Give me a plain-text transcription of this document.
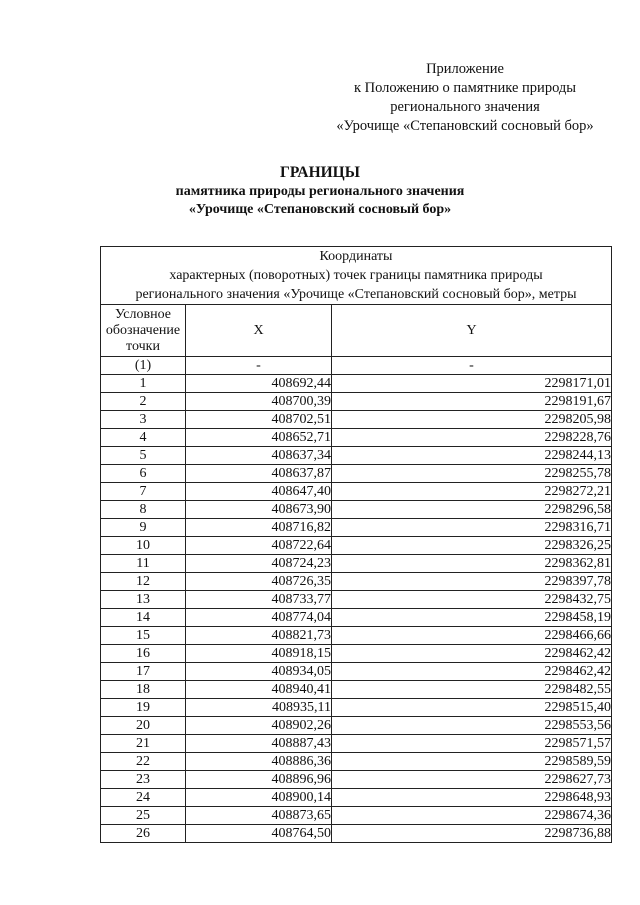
Приложение
к Положению о памятнике природы
регионального значения
«Урочище «Степановский сосновый бор»
ГРАНИЦЫ
памятника природы регионального значения
«Урочище «Степановский сосновый бор»
Координаты
характерных (поворотных) точек границы памятника природы
регионального значения «Урочище «Степановский сосновый бор», метры		

Условное
обозначение
точки	X	Y
(1)	-	-
1	408692,44	2298171,01
2	408700,39	2298191,67
3	408702,51	2298205,98
4	408652,71	2298228,76
5	408637,34	2298244,13
6	408637,87	2298255,78
7	408647,40	2298272,21
8	408673,90	2298296,58
9	408716,82	2298316,71
10	408722,64	2298326,25
11	408724,23	2298362,81
12	408726,35	2298397,78
13	408733,77	2298432,75
14	408774,04	2298458,19
15	408821,73	2298466,66
16	408918,15	2298462,42
17	408934,05	2298462,42
18	408940,41	2298482,55
19	408935,11	2298515,40
20	408902,26	2298553,56
21	408887,43	2298571,57
22	408886,36	2298589,59
23	408896,96	2298627,73
24	408900,14	2298648,93
25	408873,65	2298674,36
26	408764,50	2298736,88
